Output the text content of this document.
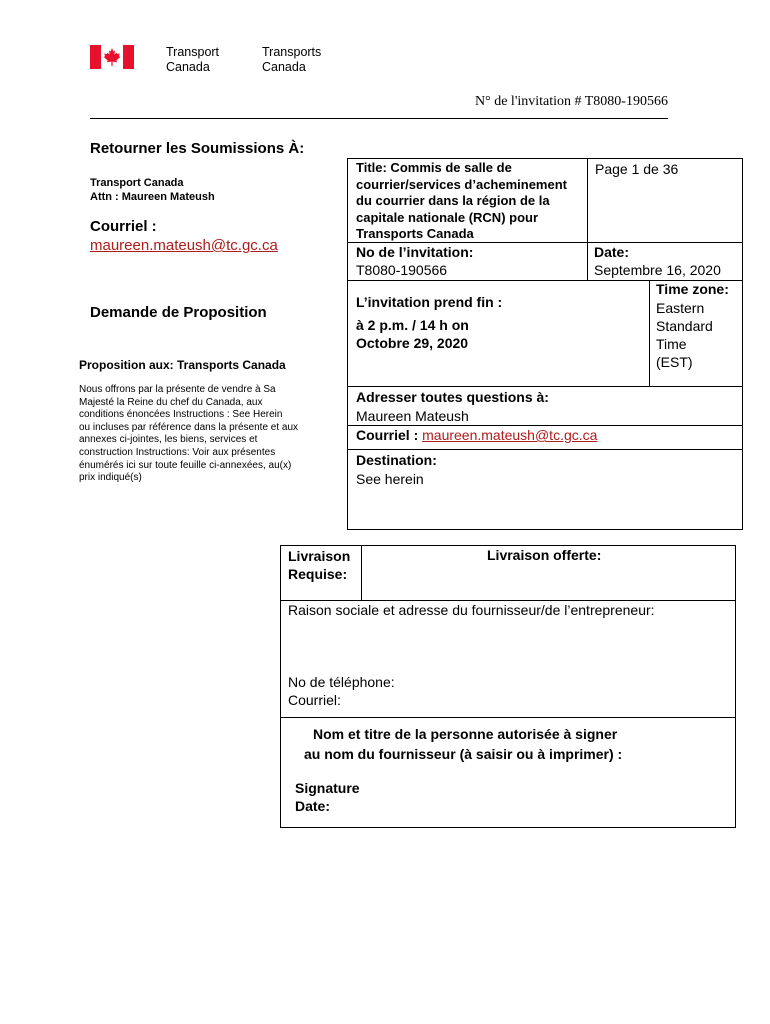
Transport
Canada
Transports
Canada
N° de l'invitation # T8080-190566
Retourner les Soumissions À:
Transport Canada
Attn : Maureen Mateush
Courriel :
maureen.mateush@tc.gc.ca
Demande de Proposition
Proposition aux: Transports Canada
Nous offrons par la présente de vendre à Sa
Majesté la Reine du chef du Canada, aux
conditions énoncées Instructions : See Herein
ou incluses par référence dans la présente et aux
annexes ci-jointes, les biens, services et
construction Instructions: Voir aux présentes
énumérés ici sur toute feuille ci-annexées, au(x)
prix indiqué(s)
Title: Commis de salle de
courrier/services d’acheminement
du courrier dans la région de la
capitale nationale (RCN) pour
Transports Canada
Page 1 de 36
No de l’invitation:
T8080-190566
Date:
Septembre 16, 2020
L’invitation prend fin :
à 2 p.m. / 14 h on
Octobre 29, 2020
Time zone:
Eastern
Standard
Time
(EST)
Adresser toutes questions à:
Maureen Mateush
Courriel : maureen.mateush@tc.gc.ca
Destination:
See herein
Livraison
Requise:
Livraison offerte:
Raison sociale et adresse du fournisseur/de l’entrepreneur:
No de téléphone:
Courriel:
Nom et titre de la personne autorisée à signer
au nom du fournisseur (à saisir ou à imprimer) :
Signature
Date:
